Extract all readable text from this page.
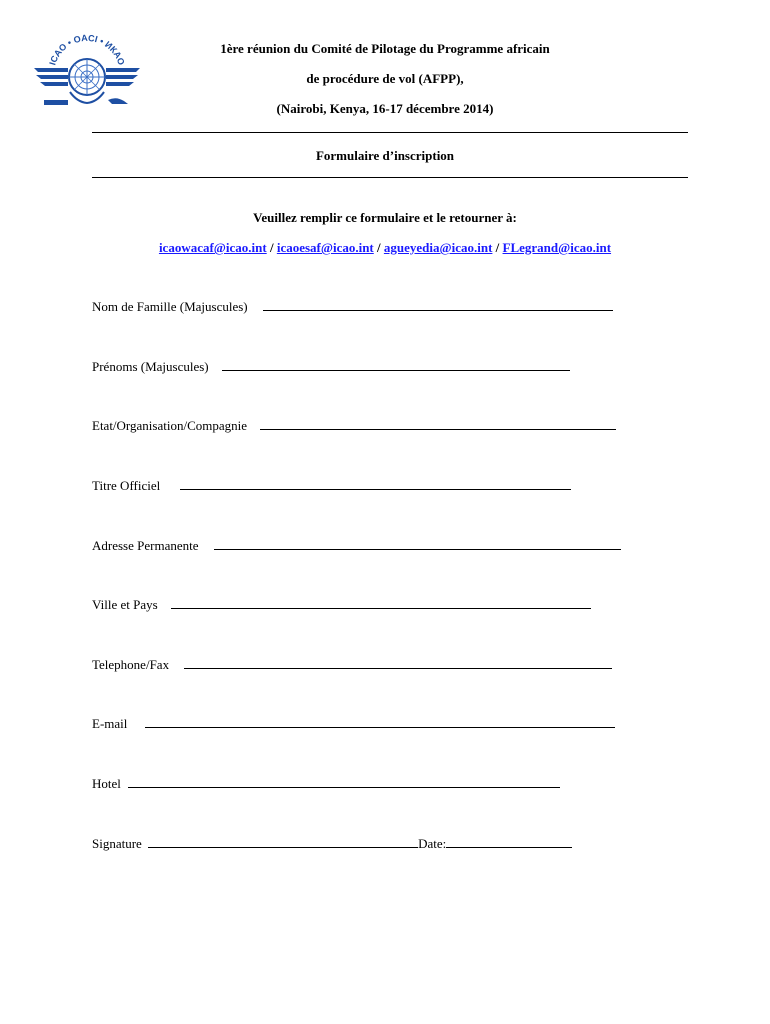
ICAO • OACI • ИКАО
1ère réunion du Comité de Pilotage du Programme africain
de procédure de vol (AFPP),
(Nairobi, Kenya, 16-17 décembre 2014)
Formulaire d’inscription
Veuillez remplir ce formulaire et le retourner à:
icaowacaf@icao.int / icaoesaf@icao.int / agueyedia@icao.int / FLegrand@icao.int
Nom de Famille (Majuscules)
Prénoms (Majuscules)
Etat/Organisation/Compagnie
Titre Officiel
Adresse Permanente
Ville et Pays
Telephone/Fax
E-mail
Hotel
Signature	Date:
